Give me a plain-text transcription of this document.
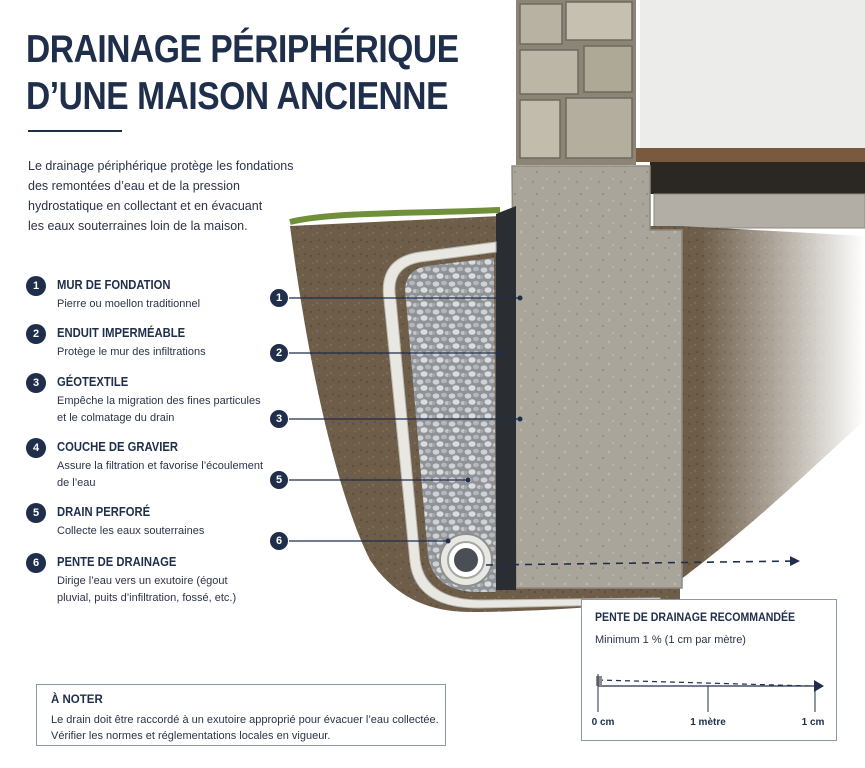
DRAINAGE PÉRIPHÉRIQUE
D’UNE MAISON ANCIENNE
Le drainage périphérique protège les fondations
des remontées d’eau et de la pression
hydrostatique en collectant et en évacuant
les eaux souterraines loin de la maison.
1
2
3
5
6
1	MUR DE FONDATION
Pierre ou moellon traditionnel
2	ENDUIT IMPERMÉABLE
Protège le mur des infiltrations
3	GÉOTEXTILE
Empêche la migration des fines particules et le colmatage du drain
4	COUCHE DE GRAVIER
Assure la filtration et favorise l’écoulement de l’eau
5	DRAIN PERFORÉ
Collecte les eaux souterraines
6	PENTE DE DRAINAGE
Dirige l’eau vers un exutoire (égout pluvial, puits d’infiltration, fossé, etc.)
À NOTER
Le drain doit être raccordé à un exutoire approprié pour évacuer l’eau collectée.
Vérifier les normes et réglementations locales en vigueur.
PENTE DE DRAINAGE RECOMMANDÉE
Minimum 1 % (1 cm par mètre)
0 cm	1 mètre	1 cm
